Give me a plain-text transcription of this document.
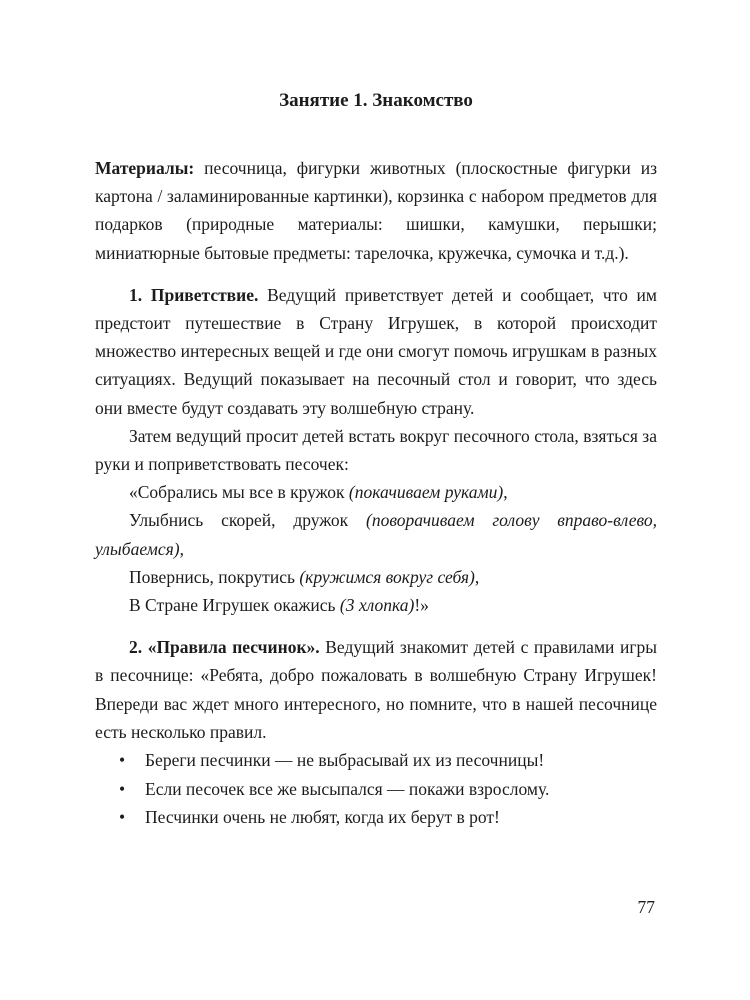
Занятие 1. Знакомство

Материалы: песочница, фигурки животных (плоскостные фигурки из картона / заламинированные картинки), корзинка с набором предметов для подарков (природные материалы: шишки, камушки, перышки; миниатюрные бытовые предметы: тарелочка, кружечка, сумочка и т.д.).

1. Приветствие. Ведущий приветствует детей и сообщает, что им предстоит путешествие в Страну Игрушек, в которой происходит множество интересных вещей и где они смогут помочь игрушкам в разных ситуациях. Ведущий показывает на песочный стол и говорит, что здесь они вместе будут создавать эту волшебную страну.

Затем ведущий просит детей встать вокруг песочного стола, взяться за руки и поприветствовать песочек:

«Собрались мы все в кружок (покачиваем руками),

Улыбнись скорей, дружок (поворачиваем голову вправо-влево, улыбаемся),

Повернись, покрутись (кружимся вокруг себя),

В Стране Игрушек окажись (3 хлопка)!»

2. «Правила песчинок». Ведущий знакомит детей с правилами игры в песочнице: «Ребята, добро пожаловать в волшебную Страну Игрушек! Впереди вас ждет много интересного, но помните, что в нашей песочнице есть несколько правил.

•	Береги песчинки — не выбрасывай их из песочницы!
•	Если песочек все же высыпался — покажи взрослому.
•	Песчинки очень не любят, когда их берут в рот!
77
